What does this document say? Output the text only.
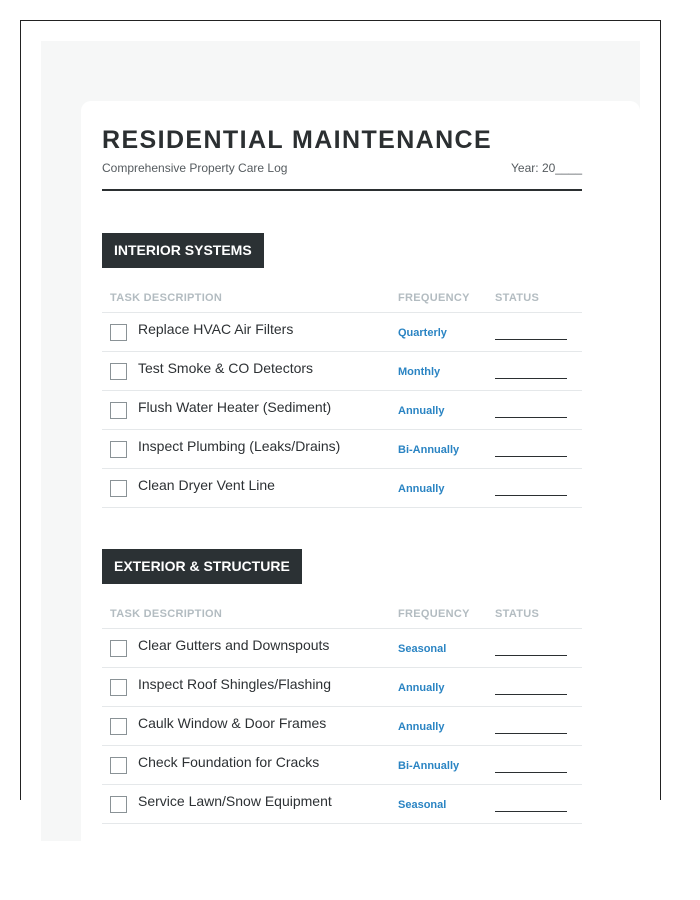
RESIDENTIAL MAINTENANCE
Comprehensive Property Care Log	Year: 20____
INTERIOR SYSTEMS
TASK DESCRIPTION	FREQUENCY	STATUS

Replace HVAC Air Filters	Quarterly	

Test Smoke & CO Detectors	Monthly	

Flush Water Heater (Sediment)	Annually	

Inspect Plumbing (Leaks/Drains)	Bi-Annually	

Clean Dryer Vent Line	Annually	
EXTERIOR & STRUCTURE
TASK DESCRIPTION	FREQUENCY	STATUS

Clear Gutters and Downspouts	Seasonal	

Inspect Roof Shingles/Flashing	Annually	

Caulk Window & Door Frames	Annually	

Check Foundation for Cracks	Bi-Annually	

Service Lawn/Snow Equipment	Seasonal	
